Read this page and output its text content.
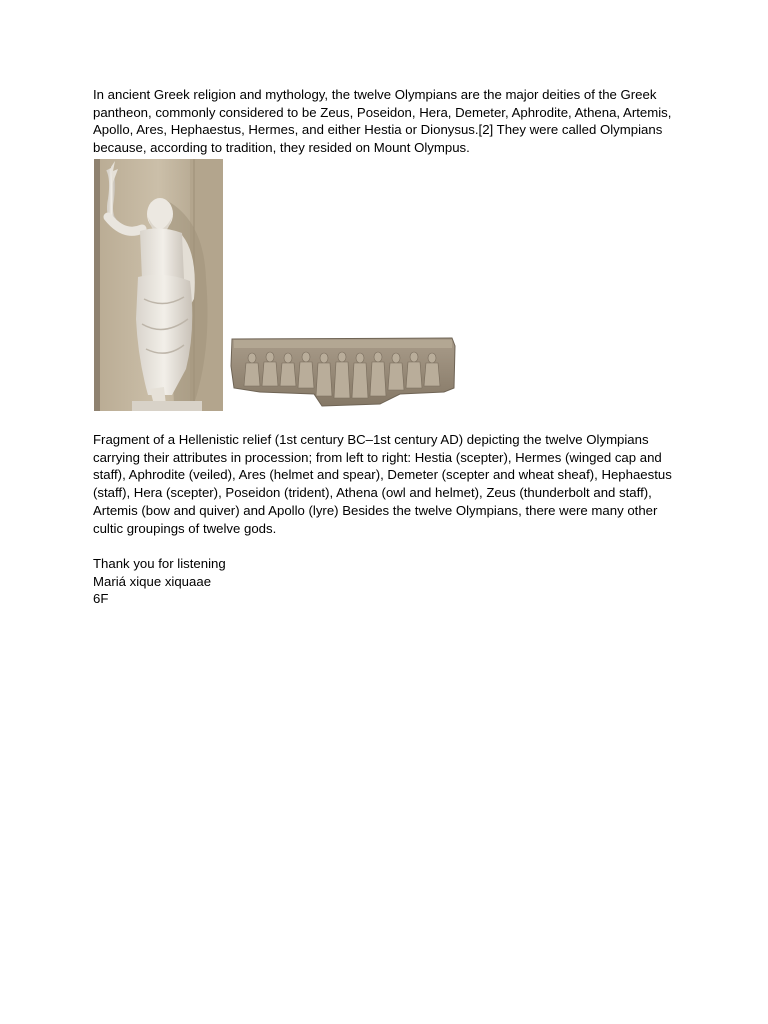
In ancient Greek religion and mythology, the twelve Olympians are the major deities of the Greek pantheon, commonly considered to be Zeus, Poseidon, Hera, Demeter, Aphrodite, Athena, Artemis, Apollo, Ares, Hephaestus, Hermes, and either Hestia or Dionysus.[2] They were called Olympians because, according to tradition, they resided on Mount Olympus.

Fragment of a Hellenistic relief (1st century BC–1st century AD) depicting the twelve Olympians carrying their attributes in procession; from left to right: Hestia (scepter), Hermes (winged cap and staff), Aphrodite (veiled), Ares (helmet and spear), Demeter (scepter and wheat sheaf), Hephaestus (staff), Hera (scepter), Poseidon (trident), Athena (owl and helmet), Zeus (thunderbolt and staff), Artemis (bow and quiver) and Apollo (lyre) Besides the twelve Olympians, there were many other cultic groupings of twelve gods.

Thank you for listening
Mariá xique xiquaae
6F
